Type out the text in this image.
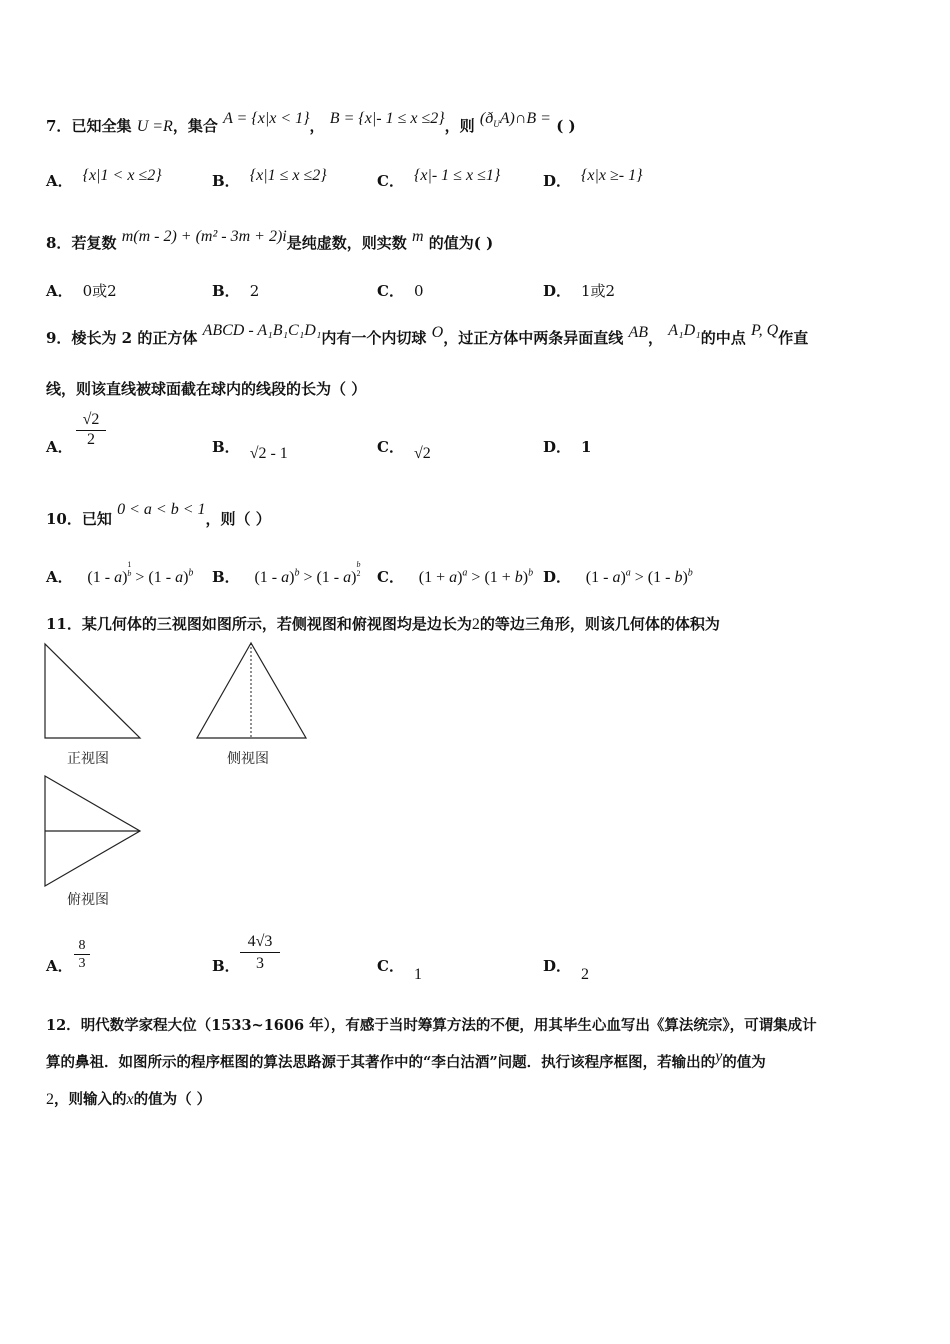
7．已知全集 U =R，集合 A = {x|x < 1}， B = {x|- 1 ≤ x ≤2}，则 $(ð_UA)\cap B$ = ( )
A． {x|1 < x ≤2}	B． {x|1 ≤ x ≤2}	C． {x|- 1 ≤ x ≤1}	D． {x|x ≥- 1}
8．若复数 m(m - 2) + (m² - 3m + 2)i是纯虚数，则实数 m 的值为( )
A． 0或2	B． 2	C． 0	D． 1或2
9．棱长为 2 的正方体 ABCD - A₁B₁C₁D₁内有一个内切球 O，过正方体中两条异面直线 AB， A₁D₁的中点 P, Q作直
线，则该直线被球面截在球内的线段的长为（ ）
A． $\frac{√2}{2}$	B． √2 - 1	C． √2	D． 1
10．已知 0 < a < b < 1，则（ ）
A． (1 - a)$^{1 b}$ > (1 - a)$^b$ B． (1 - a)$^b$ > (1 - a)$^{b 2}$ C． $(1 + a)^a > (1 + b)^b$ D． (1 - a)$^a$ > (1 - b)$^b$
11．某几何体的三视图如图所示，若侧视图和俯视图均是边长为2的等边三角形，则该几何体的体积为
正视图	侧视图
俯视图
A． $\frac{8}{3}$	B． $\frac{4√3}{3}$	C． 1	D． 2
12．明代数学家程大位（1533~1606 年），有感于当时筹算方法的不便，用其毕生心血写出《算法统宗》，可谓集成计
算的鼻祖．如图所示的程序框图的算法思路源于其著作中的“李白沽酒”问题．执行该程序框图，若输出的y的值为
2，则输入的x的值为（ ）
